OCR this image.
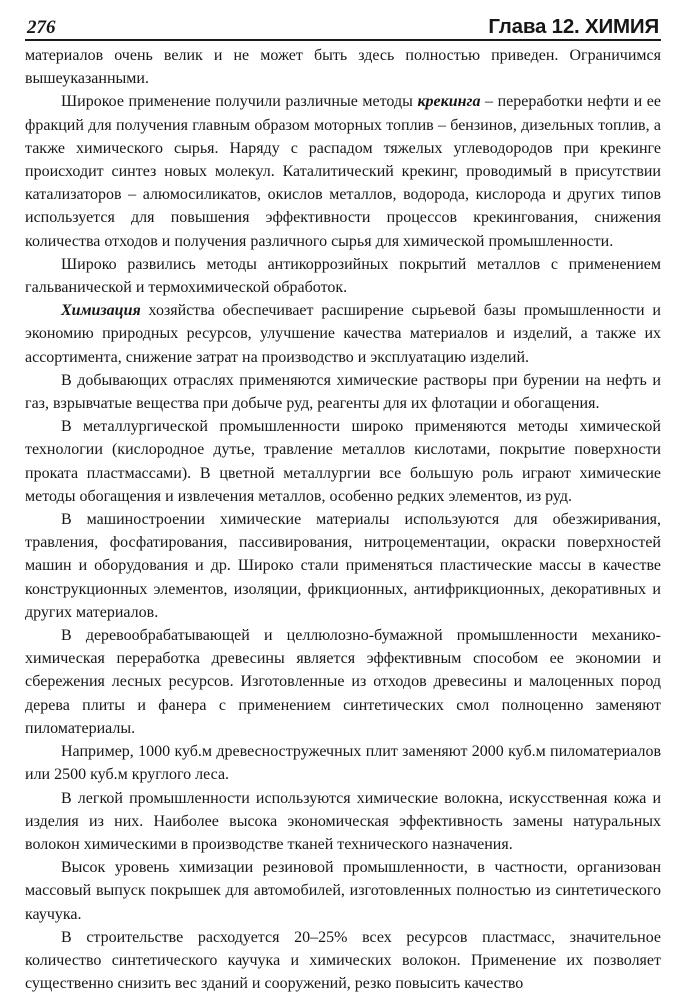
276	Глава 12. ХИМИЯ

материалов очень велик и не может быть здесь полностью приведен. Ограничимся вышеуказанными.

Широкое применение получили различные методы крекинга – переработки нефти и ее фракций для получения главным образом моторных топлив – бензинов, дизельных топлив, а также химического сырья. Наряду с распадом тяжелых углеводородов при крекинге происходит синтез новых молекул. Каталитический крекинг, проводимый в присутствии катализаторов – алюмосиликатов, окислов металлов, водорода, кислорода и других типов используется для повышения эффективности процессов крекингования, снижения количества отходов и получения различного сырья для химической промышленности.

Широко развились методы антикоррозийных покрытий металлов с применением гальванической и термохимической обработок.

Химизация хозяйства обеспечивает расширение сырьевой базы промышленности и экономию природных ресурсов, улучшение качества материалов и изделий, а также их ассортимента, снижение затрат на производство и эксплуатацию изделий.

В добывающих отраслях применяются химические растворы при бурении на нефть и газ, взрывчатые вещества при добыче руд, реагенты для их флотации и обогащения.

В металлургической промышленности широко применяются методы химической технологии (кислородное дутье, травление металлов кислотами, покрытие поверхности проката пластмассами). В цветной металлургии все большую роль играют химические методы обогащения и извлечения металлов, особенно редких элементов, из руд.

В машиностроении химические материалы используются для обезжиривания, травления, фосфатирования, пассивирования, нитроцементации, окраски поверхностей машин и оборудования и др. Широко стали применяться пластические массы в качестве конструкционных элементов, изоляции, фрикционных, антифрикционных, декоративных и других материалов.

В деревообрабатывающей и целлюлозно-бумажной промышленности механико-химическая переработка древесины является эффективным способом ее экономии и сбережения лесных ресурсов. Изготовленные из отходов древесины и малоценных пород дерева плиты и фанера с применением синтетических смол полноценно заменяют пиломатериалы.

Например, 1000 куб.м древесностружечных плит заменяют 2000 куб.м пиломатериалов или 2500 куб.м круглого леса.

В легкой промышленности используются химические волокна, искусственная кожа и изделия из них. Наиболее высока экономическая эффективность замены натуральных волокон химическими в производстве тканей технического назначения.

Высок уровень химизации резиновой промышленности, в частности, организован массовый выпуск покрышек для автомобилей, изготовленных полностью из синтетического каучука.

В строительстве расходуется 20–25% всех ресурсов пластмасс, значительное количество синтетического каучука и химических волокон. Применение их позволяет существенно снизить вес зданий и сооружений, резко повысить качество
